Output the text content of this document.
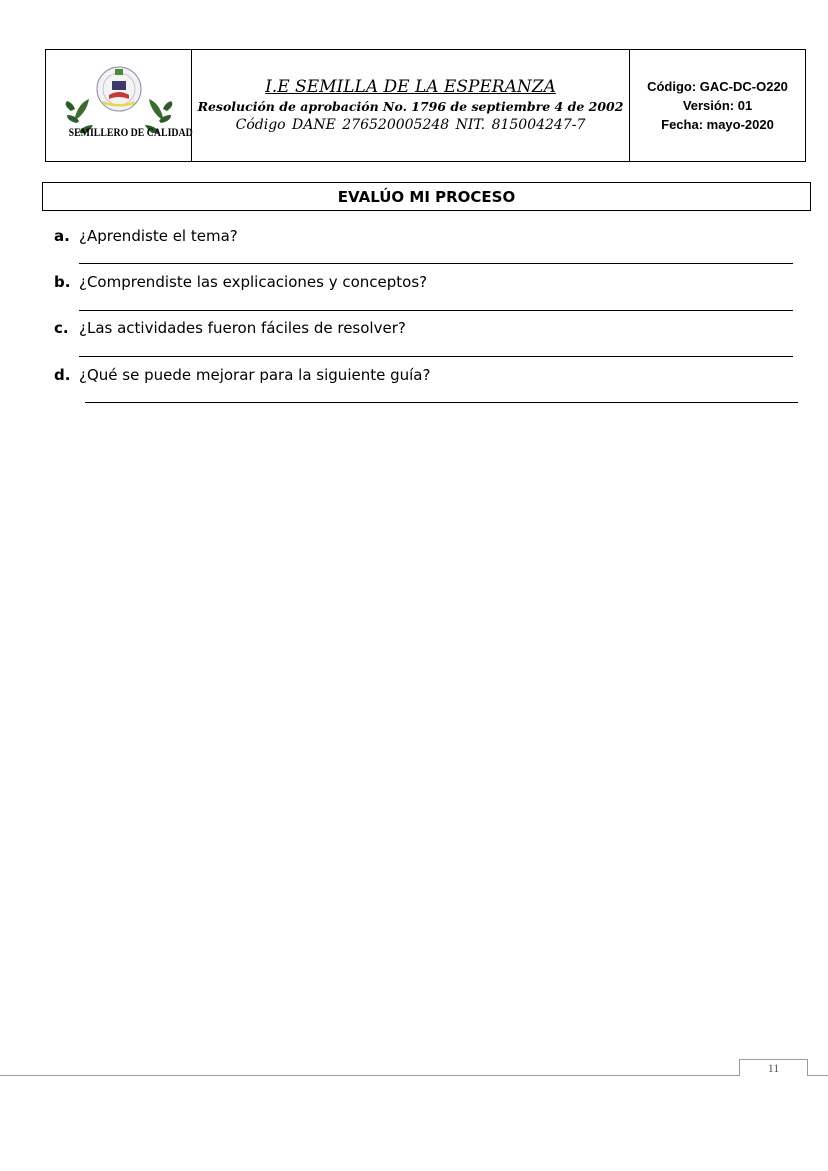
I.E SEMILLA DE LA ESPERANZA
Resolución de aprobación No. 1796 de septiembre 4 de 2002
Código DANE 276520005248 NIT. 815004247-7
Código: GAC-DC-O220
Versión: 01
Fecha: mayo-2020
SEMILLERO DE CALIDAD
EVALÚO MI PROCESO
a. ¿Aprendiste el tema?
b. ¿Comprendiste las explicaciones y conceptos?
c. ¿Las actividades fueron fáciles de resolver?
d. ¿Qué se puede mejorar para la siguiente guía?
11
